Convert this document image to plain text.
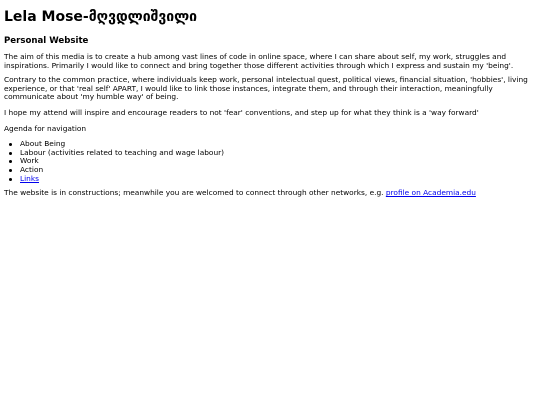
Lela Mose-მღვდლიშვილი
Personal Website

The aim of this media is to create a hub among vast lines of code in online space, where I can share about self, my work, struggles and inspirations. Primarily I would like to connect and bring together those different activities through which I express and sustain my 'being'.

Contrary to the common practice, where individuals keep work, personal intelectual quest, political views, financial situation, 'hobbies', living experience, or that 'real self' APART, I would like to link those instances, integrate them, and through their interaction, meaningfully communicate about 'my humble way' of being.

I hope my attend will inspire and encourage readers to not 'fear' conventions, and step up for what they think is a 'way forward'

Agenda for navigation

About Being
Labour (activities related to teaching and wage labour)
Work
Action
Links

The website is in constructions; meanwhile you are welcomed to connect through other networks, e.g. profile on Academia.edu
